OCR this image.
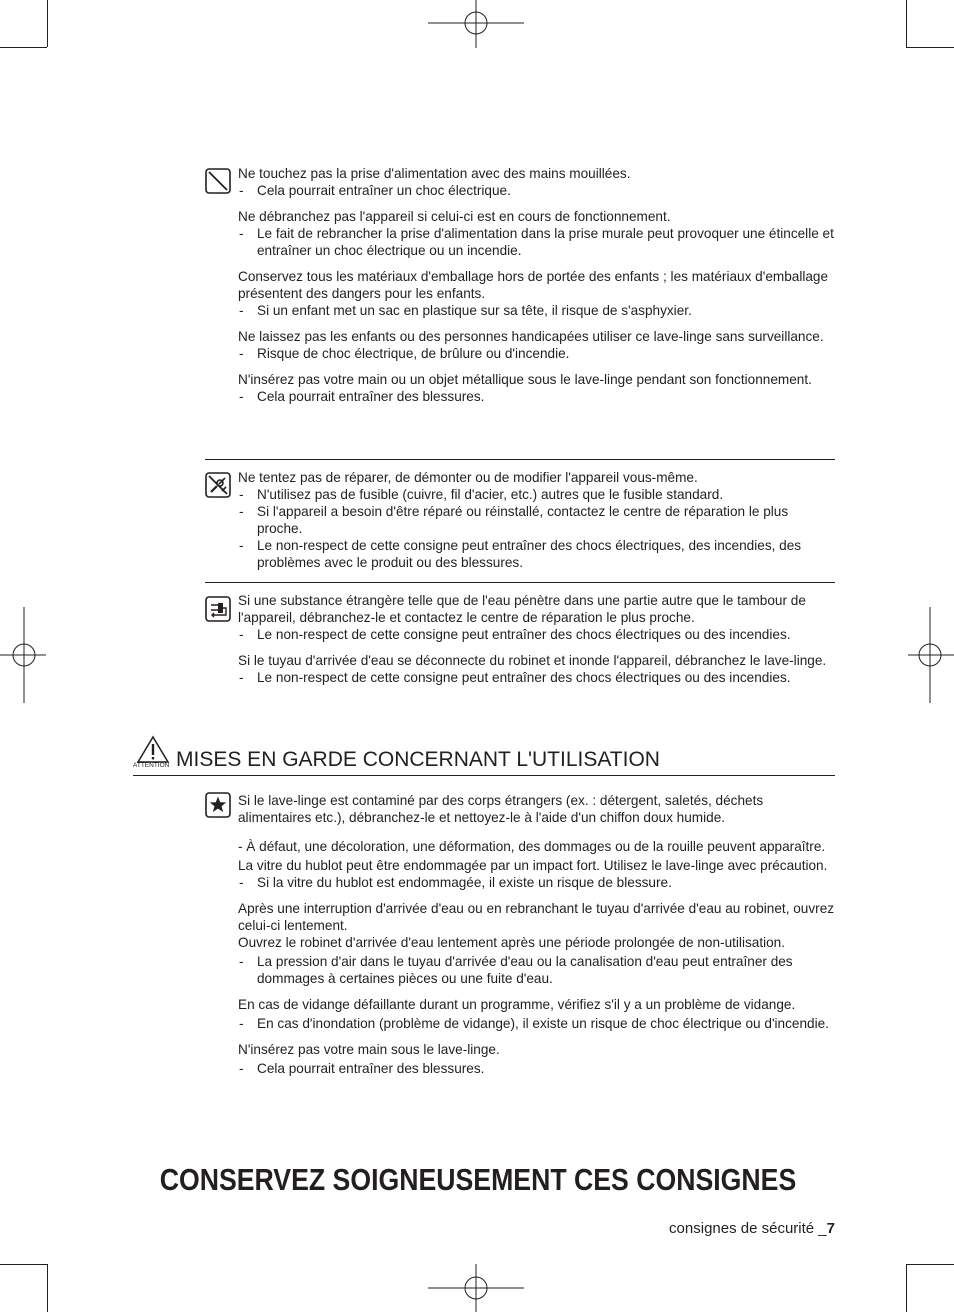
Ne touchez pas la prise d'alimentation avec des mains mouillées.

- Cela pourrait entraîner un choc électrique.

Ne débranchez pas l'appareil si celui-ci est en cours de fonctionnement.

- Le fait de rebrancher la prise d'alimentation dans la prise murale peut provoquer une étincelle et entraîner un choc électrique ou un incendie.

Conservez tous les matériaux d'emballage hors de portée des enfants ; les matériaux d'emballage présentent des dangers pour les enfants.

- Si un enfant met un sac en plastique sur sa tête, il risque de s'asphyxier.

Ne laissez pas les enfants ou des personnes handicapées utiliser ce lave-linge sans surveillance.

- Risque de choc électrique, de brûlure ou d'incendie.

N'insérez pas votre main ou un objet métallique sous le lave-linge pendant son fonctionnement.

- Cela pourrait entraîner des blessures.

Ne tentez pas de réparer, de démonter ou de modifier l'appareil vous-même.

- N'utilisez pas de fusible (cuivre, fil d'acier, etc.) autres que le fusible standard.

- Si l'appareil a besoin d'être réparé ou réinstallé, contactez le centre de réparation le plus proche.

- Le non-respect de cette consigne peut entraîner des chocs électriques, des incendies, des problèmes avec le produit ou des blessures.

Si une substance étrangère telle que de l'eau pénètre dans une partie autre que le tambour de l'appareil, débranchez-le et contactez le centre de réparation le plus proche.

- Le non-respect de cette consigne peut entraîner des chocs électriques ou des incendies.

Si le tuyau d'arrivée d'eau se déconnecte du robinet et inonde l'appareil, débranchez le lave-linge.

- Le non-respect de cette consigne peut entraîner des chocs électriques ou des incendies.

ATTENTION MISES EN GARDE CONCERNANT L'UTILISATION

Si le lave-linge est contaminé par des corps étrangers (ex. : détergent, saletés, déchets alimentaires etc.), débranchez-le et nettoyez-le à l'aide d'un chiffon doux humide.

- À défaut, une décoloration, une déformation, des dommages ou de la rouille peuvent apparaître.

La vitre du hublot peut être endommagée par un impact fort. Utilisez le lave-linge avec précaution.

- Si la vitre du hublot est endommagée, il existe un risque de blessure.

Après une interruption d'arrivée d'eau ou en rebranchant le tuyau d'arrivée d'eau au robinet, ouvrez celui-ci lentement.

Ouvrez le robinet d'arrivée d'eau lentement après une période prolongée de non-utilisation.

- La pression d'air dans le tuyau d'arrivée d'eau ou la canalisation d'eau peut entraîner des dommages à certaines pièces ou une fuite d'eau.

En cas de vidange défaillante durant un programme, vérifiez s'il y a un problème de vidange.

- En cas d'inondation (problème de vidange), il existe un risque de choc électrique ou d'incendie.

N'insérez pas votre main sous le lave-linge.

- Cela pourrait entraîner des blessures.

CONSERVEZ SOIGNEUSEMENT CES CONSIGNES
consignes de sécurité _7
